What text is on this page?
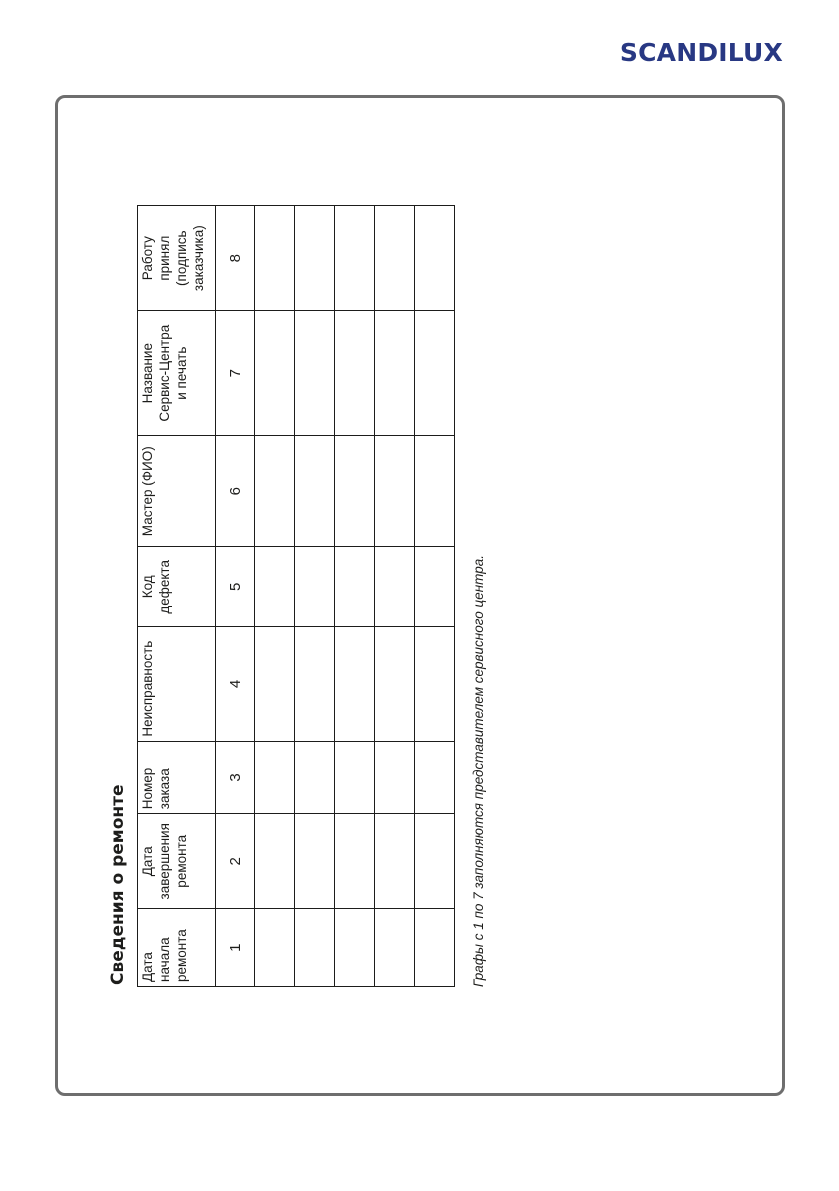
SCANDILUX
Сведения о ремонте Дата начала ремонта	Дата завершения ремонта	Номер заказа	Неисправность	Код дефекта	Мастер (ФИО)	Название Сервис-Центра и печать	Работу принял (подпись заказчика)
1	2	3	4	5	6	7	8

Графы с 1 по 7 заполняются представителем сервисного центра.
